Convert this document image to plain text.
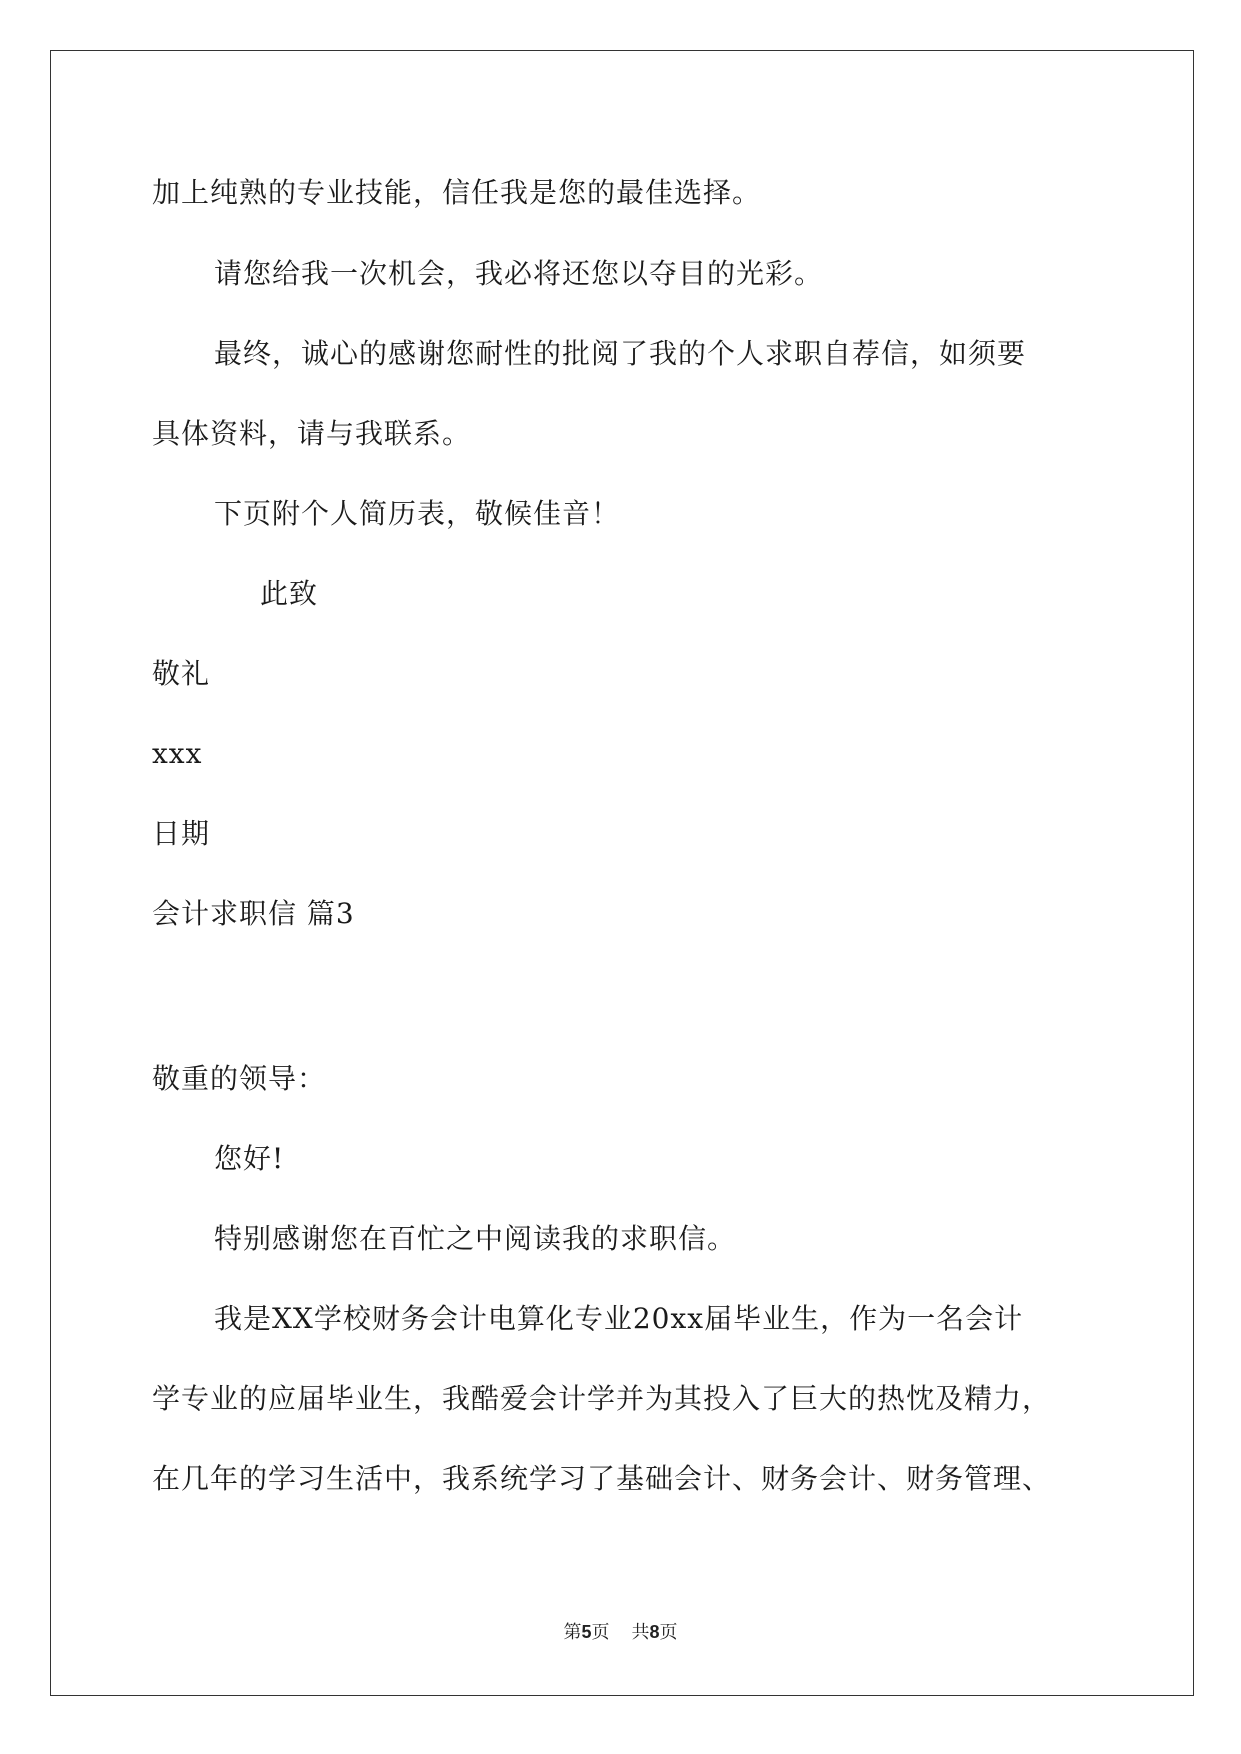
加上纯熟的专业技能，信任我是您的最佳选择。
请您给我一次机会，我必将还您以夺目的光彩。
最终，诚心的感谢您耐性的批阅了我的个人求职自荐信，如须要
具体资料，请与我联系。
下页附个人简历表，敬候佳音！
此致
敬礼
xxx
日期
会计求职信 篇3
敬重的领导：
您好!
特别感谢您在百忙之中阅读我的求职信。
我是XX学校财务会计电算化专业20xx届毕业生，作为一名会计
学专业的应届毕业生，我酷爱会计学并为其投入了巨大的热忱及精力，
在几年的学习生活中，我系统学习了基础会计、财务会计、财务管理、
第5页 共8页
